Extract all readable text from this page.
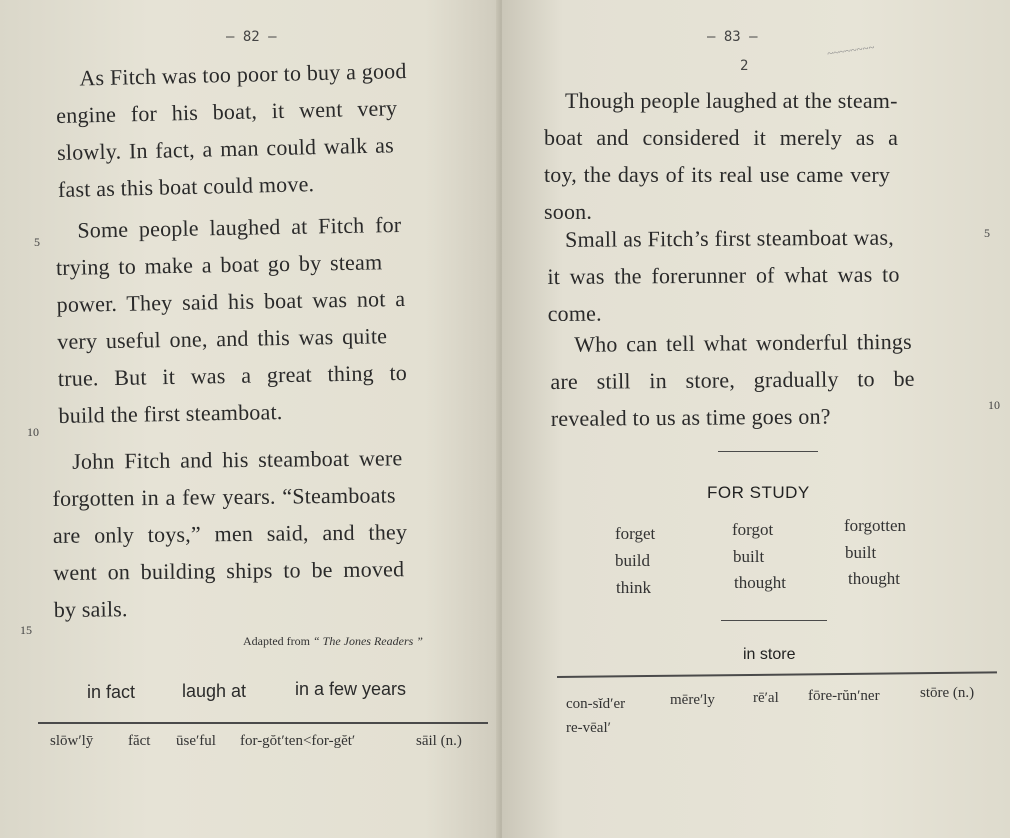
— 82 —
As Fitch was too poor to buy a good
engine for his boat, it went very
slowly. In fact, a man could walk as
fast as this boat could move.
Some people laughed at Fitch for
trying to make a boat go by steam
power. They said his boat was not a
very useful one, and this was quite
true. But it was a great thing to
build the first steamboat.
John Fitch and his steamboat were
forgotten in a few years. “Steamboats
are only toys,” men said, and they
went on building ships to be moved
by sails.
5
10
15
Adapted from “ The Jones Readers ”
in fact	laugh at	in a few years
slōw′lȳ făct ūse′ful for-gŏt′ten<for-gĕt′	sāil (n.)
— 83 —
2
Though people laughed at the steam-
boat and considered it merely as a
toy, the days of its real use came very
soon.
Small as Fitch’s first steamboat was,
it was the forerunner of what was to
come.
Who can tell what wonderful things
are still in store, gradually to be
revealed to us as time goes on?
5
10
~~~~~~~~
FOR STUDY
forget	forgot	forgotten
build	built	built
think	thought	thought
in store
con-sĭd′er	mēre′ly	rē′al fōre-rŭn′ner	stōre (n.)
re-vēal′
